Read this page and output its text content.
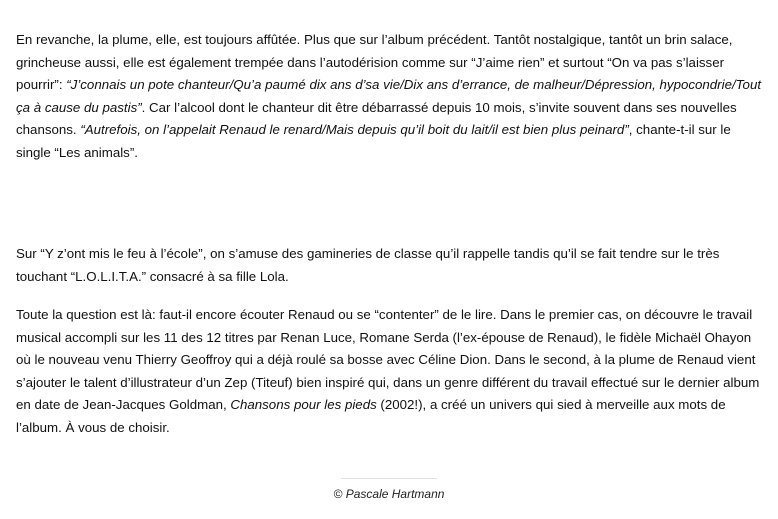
En revanche, la plume, elle, est toujours affûtée. Plus que sur l’album précédent. Tantôt nostalgique, tantôt un brin salace, grincheuse aussi, elle est également trempée dans l’autodérision comme sur “J’aime rien” et surtout “On va pas s’laisser pourrir”: “J’connais un pote chanteur/Qu’a paumé dix ans d’sa vie/Dix ans d’errance, de malheur/Dépression, hypocondrie/Tout ça à cause du pastis”. Car l’alcool dont le chanteur dit être débarrassé depuis 10 mois, s’invite souvent dans ses nouvelles chansons. “Autrefois, on l’appelait Renaud le renard/Mais depuis qu’il boit du lait/il est bien plus peinard”, chante-t-il sur le single “Les animals”.

Sur “Y z’ont mis le feu à l’école”, on s’amuse des gamineries de classe qu’il rappelle tandis qu’il se fait tendre sur le très touchant “L.O.L.I.T.A.” consacré à sa fille Lola.

Toute la question est là: faut-il encore écouter Renaud ou se “contenter” de le lire. Dans le premier cas, on découvre le travail musical accompli sur les 11 des 12 titres par Renan Luce, Romane Serda (l’ex-épouse de Renaud), le fidèle Michaël Ohayon où le nouveau venu Thierry Geoffroy qui a déjà roulé sa bosse avec Céline Dion. Dans le second, à la plume de Renaud vient s’ajouter le talent d’illustrateur d’un Zep (Titeuf) bien inspiré qui, dans un genre différent du travail effectué sur le dernier album en date de Jean-Jacques Goldman, Chansons pour les pieds (2002!), a créé un univers qui sied à merveille aux mots de l’album. À vous de choisir.

© Pascale Hartmann
